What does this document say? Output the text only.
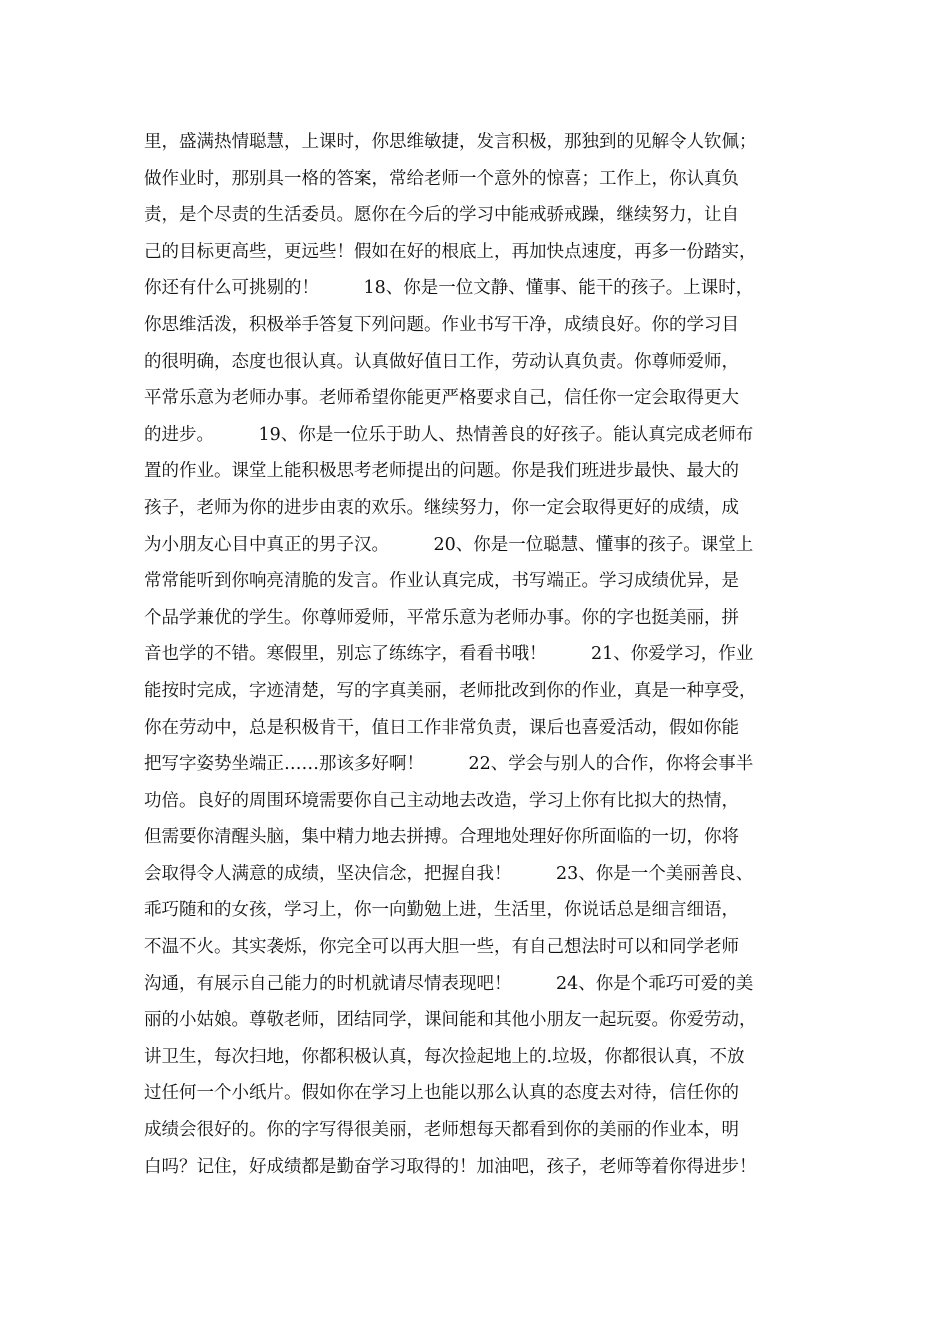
里，盛满热情聪慧，上课时，你思维敏捷，发言积极，那独到的见解令人钦佩；
做作业时，那别具一格的答案，常给老师一个意外的惊喜；工作上，你认真负
责，是个尽责的生活委员。愿你在今后的学习中能戒骄戒躁，继续努力，让自
己的目标更高些，更远些！假如在好的根底上，再加快点速度，再多一份踏实，
你还有什么可挑剔的！        18、你是一位文静、懂事、能干的孩子。上课时，
你思维活泼，积极举手答复下列问题。作业书写干净，成绩良好。你的学习目
的很明确，态度也很认真。认真做好值日工作，劳动认真负责。你尊师爱师，
平常乐意为老师办事。老师希望你能更严格要求自己，信任你一定会取得更大
的进步。        19、你是一位乐于助人、热情善良的好孩子。能认真完成老师布
置的作业。课堂上能积极思考老师提出的问题。你是我们班进步最快、最大的
孩子，老师为你的进步由衷的欢乐。继续努力，你一定会取得更好的成绩，成
为小朋友心目中真正的男子汉。        20、你是一位聪慧、懂事的孩子。课堂上
常常能听到你响亮清脆的发言。作业认真完成，书写端正。学习成绩优异，是
个品学兼优的学生。你尊师爱师，平常乐意为老师办事。你的字也挺美丽，拼
音也学的不错。寒假里，别忘了练练字，看看书哦！        21、你爱学习，作业
能按时完成，字迹清楚，写的字真美丽，老师批改到你的作业，真是一种享受，
你在劳动中，总是积极肯干，值日工作非常负责，课后也喜爱活动，假如你能
把写字姿势坐端正……那该多好啊！        22、学会与别人的合作，你将会事半
功倍。良好的周围环境需要你自己主动地去改造，学习上你有比拟大的热情，
但需要你清醒头脑，集中精力地去拼搏。合理地处理好你所面临的一切，你将
会取得令人满意的成绩，坚决信念，把握自我！        23、你是一个美丽善良、
乖巧随和的女孩，学习上，你一向勤勉上进，生活里，你说话总是细言细语，
不温不火。其实袭烁，你完全可以再大胆一些，有自己想法时可以和同学老师
沟通，有展示自己能力的时机就请尽情表现吧！        24、你是个乖巧可爱的美
丽的小姑娘。尊敬老师，团结同学，课间能和其他小朋友一起玩耍。你爱劳动，
讲卫生，每次扫地，你都积极认真，每次捡起地上的.垃圾，你都很认真，不放
过任何一个小纸片。假如你在学习上也能以那么认真的态度去对待，信任你的
成绩会很好的。你的字写得很美丽，老师想每天都看到你的美丽的作业本，明
白吗？记住，好成绩都是勤奋学习取得的！加油吧，孩子，老师等着你得进步！
